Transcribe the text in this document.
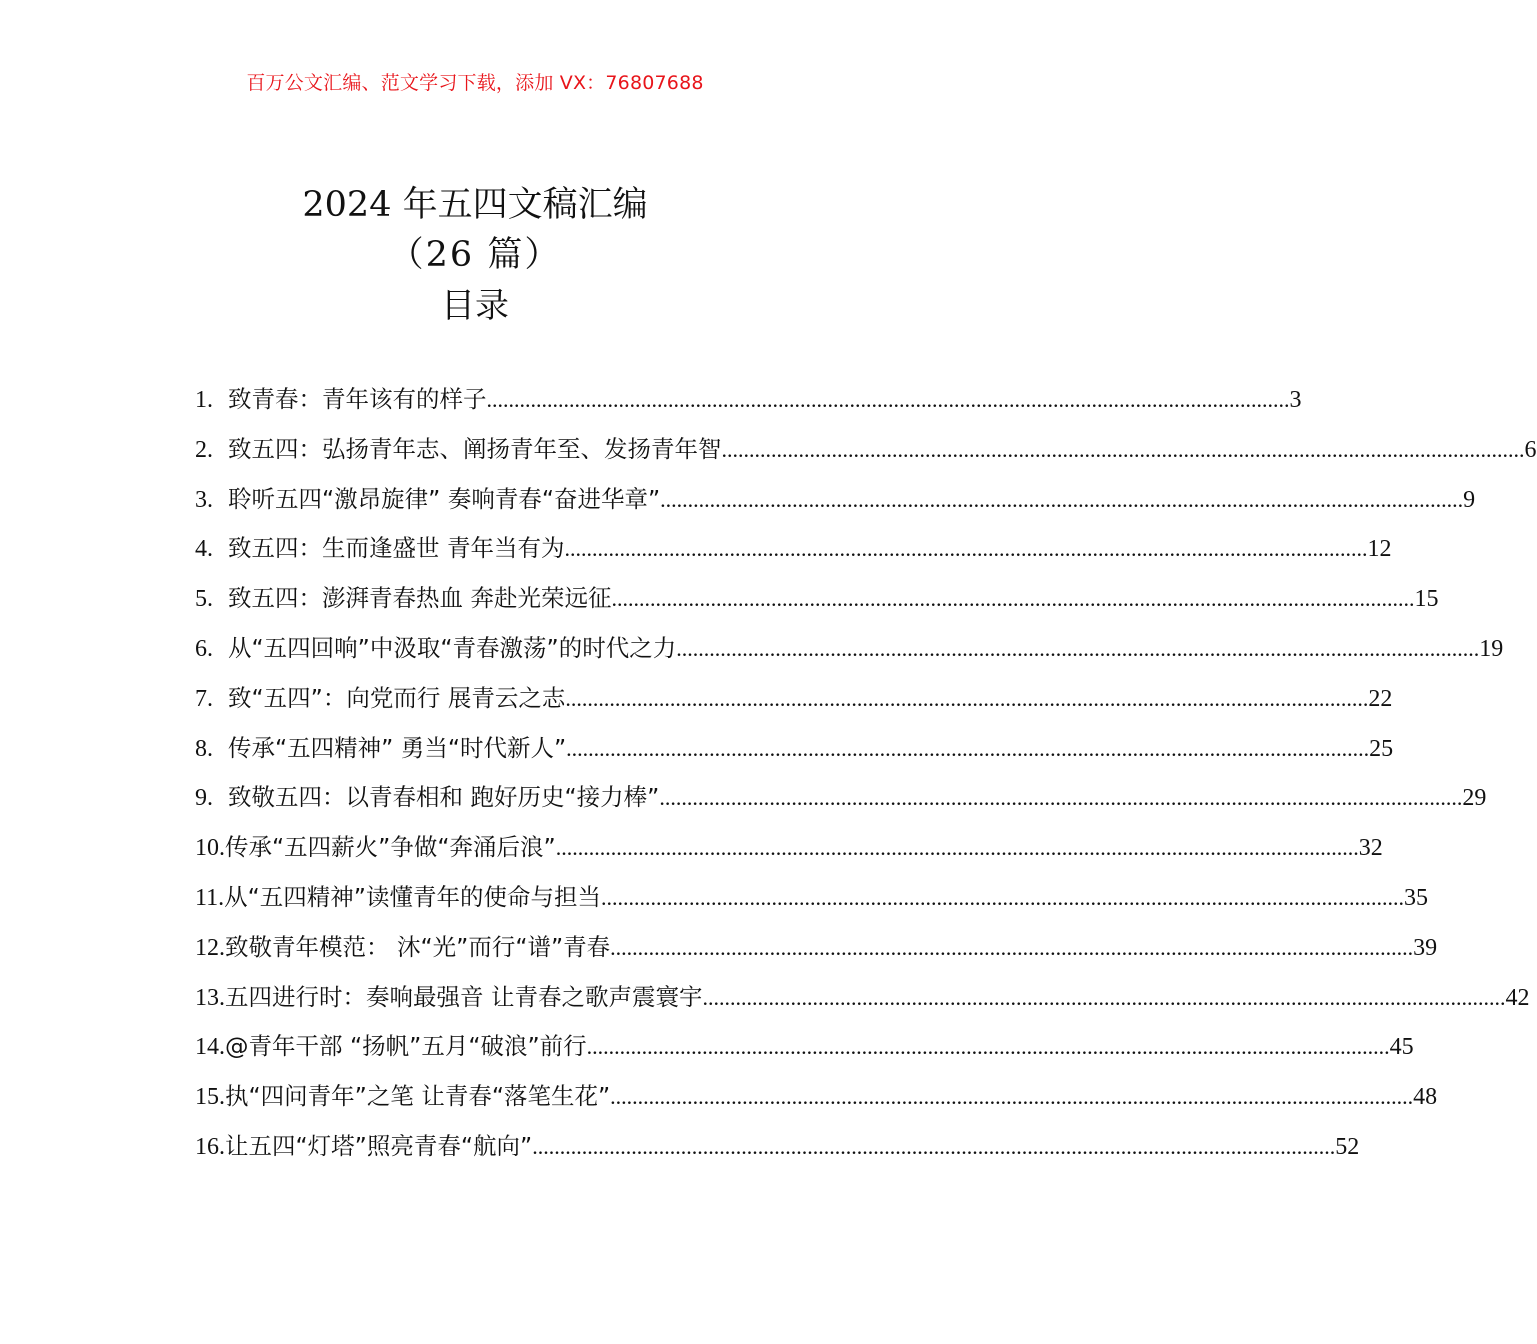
百万公文汇编、范文学习下载，添加 VX：76807688
2024 年五四文稿汇编
（26 篇）
目录
1. 致青春：青年该有的样子 .....	3
2. 致五四：弘扬青年志、阐扬青年至、发扬青年智 .....	6
3. 聆听五四“激昂旋律” 奏响青春“奋进华章” .....	9
4. 致五四：生而逢盛世 青年当有为 .....	12
5. 致五四：澎湃青春热血 奔赴光荣远征 .....	15
6. 从“五四回响”中汲取“青春激荡”的时代之力 .....	19
7. 致“五四”：向党而行 展青云之志 .....	22
8. 传承“五四精神” 勇当“时代新人” .....	25
9. 致敬五四：以青春相和 跑好历史“接力棒” .....	29
10. 传承“五四薪火”争做“奔涌后浪” .....	32
11. 从“五四精神”读懂青年的使命与担当 .....	35
12. 致敬青年模范： 沐“光”而行“谱”青春 .....	39
13. 五四进行时：奏响最强音 让青春之歌声震寰宇 .....	42
14. @青年干部 “扬帆”五月“破浪”前行 .....	45
15. 执“四问青年”之笔 让青春“落笔生花” .....	48
16. 让五四“灯塔”照亮青春“航向” .....	52
